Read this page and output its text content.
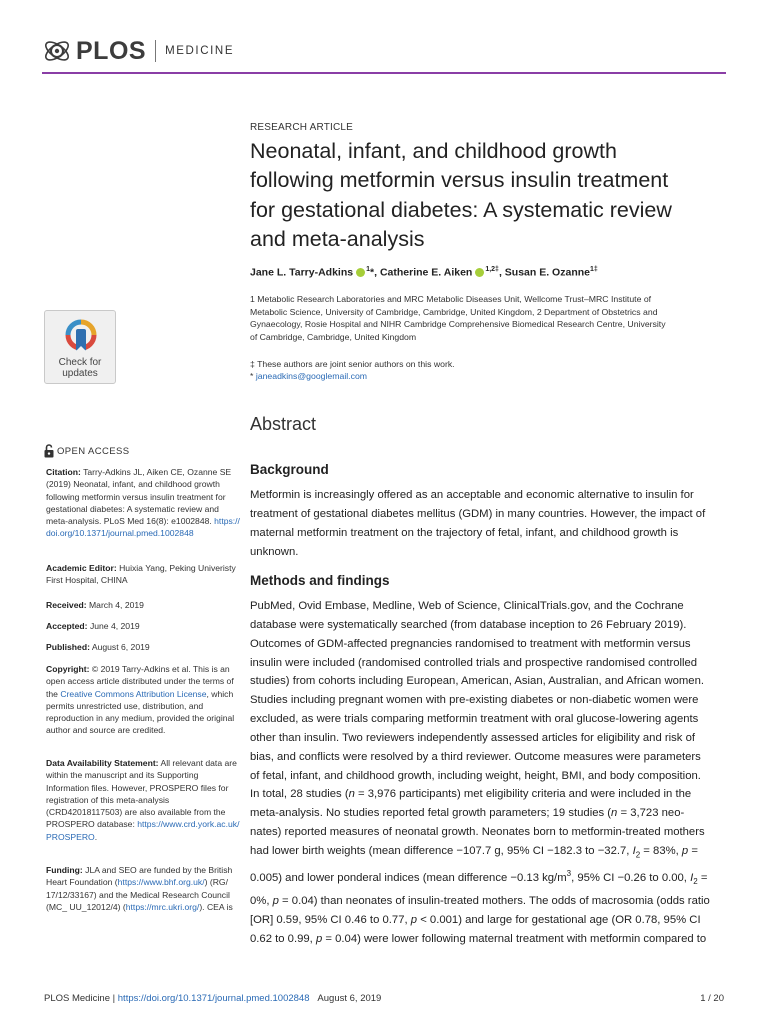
PLOS MEDICINE
Check for
updates
OPEN ACCESS
Citation: Tarry-Adkins JL, Aiken CE, Ozanne SE
(2019) Neonatal, infant, and childhood growth
following metformin versus insulin treatment for
gestational diabetes: A systematic review and
meta-analysis. PLoS Med 16(8): e1002848. https://
doi.org/10.1371/journal.pmed.1002848
Academic Editor: Huixia Yang, Peking Univeristy
First Hospital, CHINA
Received: March 4, 2019
Accepted: June 4, 2019
Published: August 6, 2019
Copyright: © 2019 Tarry-Adkins et al. This is an
open access article distributed under the terms of
the Creative Commons Attribution License, which
permits unrestricted use, distribution, and
reproduction in any medium, provided the original
author and source are credited.
Data Availability Statement: All relevant data are
within the manuscript and its Supporting
Information files. However, PROSPERO files for
registration of this meta-analysis
(CRD42018117503) are also available from the
PROSPERO database: https://www.crd.york.ac.uk/
PROSPERO.
Funding: JLA and SEO are funded by the British
Heart Foundation (https://www.bhf.org.uk/) (RG/
17/12/33167) and the Medical Research Council
(MC_ UU_12012/4) (https://mrc.ukri.org/). CEA is
RESEARCH ARTICLE
Neonatal, infant, and childhood growth
following metformin versus insulin treatment
for gestational diabetes: A systematic review
and meta-analysis
Jane L. Tarry-Adkins $^1$*, Catherine E. Aiken $^{1,2\ddagger}$, Susan E. Ozanne$^{1\ddagger}$
1 Metabolic Research Laboratories and MRC Metabolic Diseases Unit, Wellcome Trust–MRC Institute of
Metabolic Science, University of Cambridge, Cambridge, United Kingdom, 2 Department of Obstetrics and
Gynaecology, Rosie Hospital and NIHR Cambridge Comprehensive Biomedical Research Centre, University
of Cambridge, Cambridge, United Kingdom
‡ These authors are joint senior authors on this work.
* janeadkins@googlemail.com
Abstract
Background
Metformin is increasingly offered as an acceptable and economic alternative to insulin for
treatment of gestational diabetes mellitus (GDM) in many countries. However, the impact of
maternal metformin treatment on the trajectory of fetal, infant, and childhood growth is
unknown.
Methods and findings
PubMed, Ovid Embase, Medline, Web of Science, ClinicalTrials.gov, and the Cochrane
database were systematically searched (from database inception to 26 February 2019).
Outcomes of GDM-affected pregnancies randomised to treatment with metformin versus
insulin were included (randomised controlled trials and prospective randomised controlled
studies) from cohorts including European, American, Asian, Australian, and African women.
Studies including pregnant women with pre-existing diabetes or non-diabetic women were
excluded, as were trials comparing metformin treatment with oral glucose-lowering agents
other than insulin. Two reviewers independently assessed articles for eligibility and risk of
bias, and conflicts were resolved by a third reviewer. Outcome measures were parameters
of fetal, infant, and childhood growth, including weight, height, BMI, and body composition.
In total, 28 studies (n = 3,976 participants) met eligibility criteria and were included in the
meta-analysis. No studies reported fetal growth parameters; 19 studies (n = 3,723 neo-
nates) reported measures of neonatal growth. Neonates born to metformin-treated mothers
had lower birth weights (mean difference −107.7 g, 95% CI −182.3 to −32.7, $I_2 = 83\%$, p =
0.005) and lower ponderal indices (mean difference −0.13 $kg/m^3$, 95% CI −0.26 to 0.00, $I_2$ =
0%, p = 0.04) than neonates of insulin-treated mothers. The odds of macrosomia (odds ratio
[OR] 0.59, 95% CI 0.46 to 0.77, p < 0.001) and large for gestational age (OR 0.78, 95% CI
0.62 to 0.99, p = 0.04) were lower following maternal treatment with metformin compared to
PLOS Medicine | https://doi.org/10.1371/journal.pmed.1002848 August 6, 2019	1 / 20
